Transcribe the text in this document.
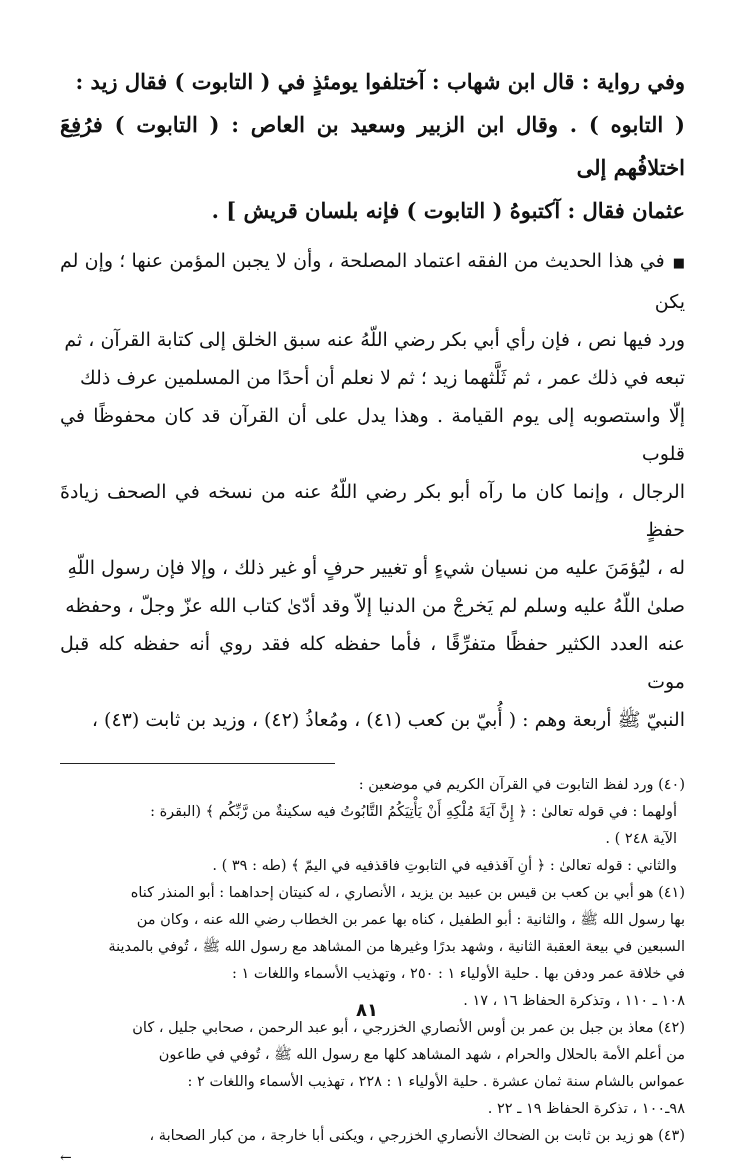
وفي رواية : قال ابن شهاب : آختلفوا يومئذٍ في ( التابوت ) فقال زيد :
( التابوه ) . وقال ابن الزبير وسعيد بن العاص : ( التابوت ) فرُفِعَ اختلافُهم إلى
عثمان فقال : آكتبوهُ ( التابوت ) فإنه بلسان قريش ] .
■في هذا الحديث من الفقه اعتماد المصلحة ، وأن لا يجبن المؤمن عنها ؛ وإن لم يكن
ورد فيها نص ، فإن رأي أبي بكر رضي اللّهُ عنه سبق الخلق إلى كتابة القرآن ، ثم
تبعه في ذلك عمر ، ثم ثَلَّثهما زيد ؛ ثم لا نعلم أن أحدًا من المسلمين عرف ذلك
إلّا واستصوبه إلى يوم القيامة . وهذا يدل على أن القرآن قد كان محفوظًا في قلوب
الرجال ، وإنما كان ما رآه أبو بكر رضي اللّهُ عنه من نسخه في الصحف زيادةَ حفظٍ
له ، ليُؤمَنَ عليه من نسيان شيءٍ أو تغيير حرفٍ أو غير ذلك ، وإلا فإن رسول اللّهِ
صلىٰ اللّهُ عليه وسلم لم يَخرجْ من الدنيا إلاّ وقد أدّىٰ كتاب الله عزّ وجلّ ، وحفظه
عنه العدد الكثير حفظًا متفرِّقًا ، فأما حفظه كله فقد روي أنه حفظه كله قبل موت
النبيّ ﷺ أربعة وهم : ( أُبيّ بن كعب (٤١) ، ومُعاذُ (٤٢) ، وزيد بن ثابت (٤٣) ،
(٤٠) ورد لفظ التابوت في القرآن الكريم في موضعين :
أولهما : في قوله تعالىٰ : ﴿ إِنَّ آيَةَ مُلْكِهِ أَنْ يَأْتِيَكُمُ التَّابُوتُ فيه سكينةٌ من رَّبِّكُم ﴾ (البقرة :
الآية ٢٤٨ ) .
والثاني : قوله تعالىٰ : ﴿ أنِ آقذفيه في التابوتِ فاقذفيه في اليمّ ﴾ (طه : ٣٩ ) .
(٤١) هو أبي بن كعب بن قيس بن عبيد بن يزيد ، الأنصاري ، له كنيتان إحداهما : أبو المنذر كناه
بها رسول الله ﷺ ، والثانية : أبو الطفيل ، كناه بها عمر بن الخطاب رضي الله عنه ، وكان من
السبعين في بيعة العقبة الثانية ، وشهد بدرًا وغيرها من المشاهد مع رسول الله ﷺ ، تُوفي بالمدينة
في خلافة عمر ودفن بها . حلية الأولياء ١ : ٢٥٠ ، وتهذيب الأسماء واللغات ١ :
١٠٨ ـ ١١٠ ، وتذكرة الحفاظ ١٦ ، ١٧ .
(٤٢) معاذ بن جبل بن عمر بن أوس الأنصاري الخزرجي ، أبو عبد الرحمن ، صحابي جليل ، كان
من أعلم الأمة بالحلال والحرام ، شهد المشاهد كلها مع رسول الله ﷺ ، تُوفي في طاعون
عمواس بالشام سنة ثمان عشرة . حلية الأولياء ١ : ٢٢٨ ، تهذيب الأسماء واللغات ٢ :
٩٨ـ١٠٠ ، تذكرة الحفاظ ١٩ ـ ٢٢ .
(٤٣) هو زيد بن ثابت بن الضحاك الأنصاري الخزرجي ، ويكنى أبا خارجة ، من كبار الصحابة ،
←
٨١
